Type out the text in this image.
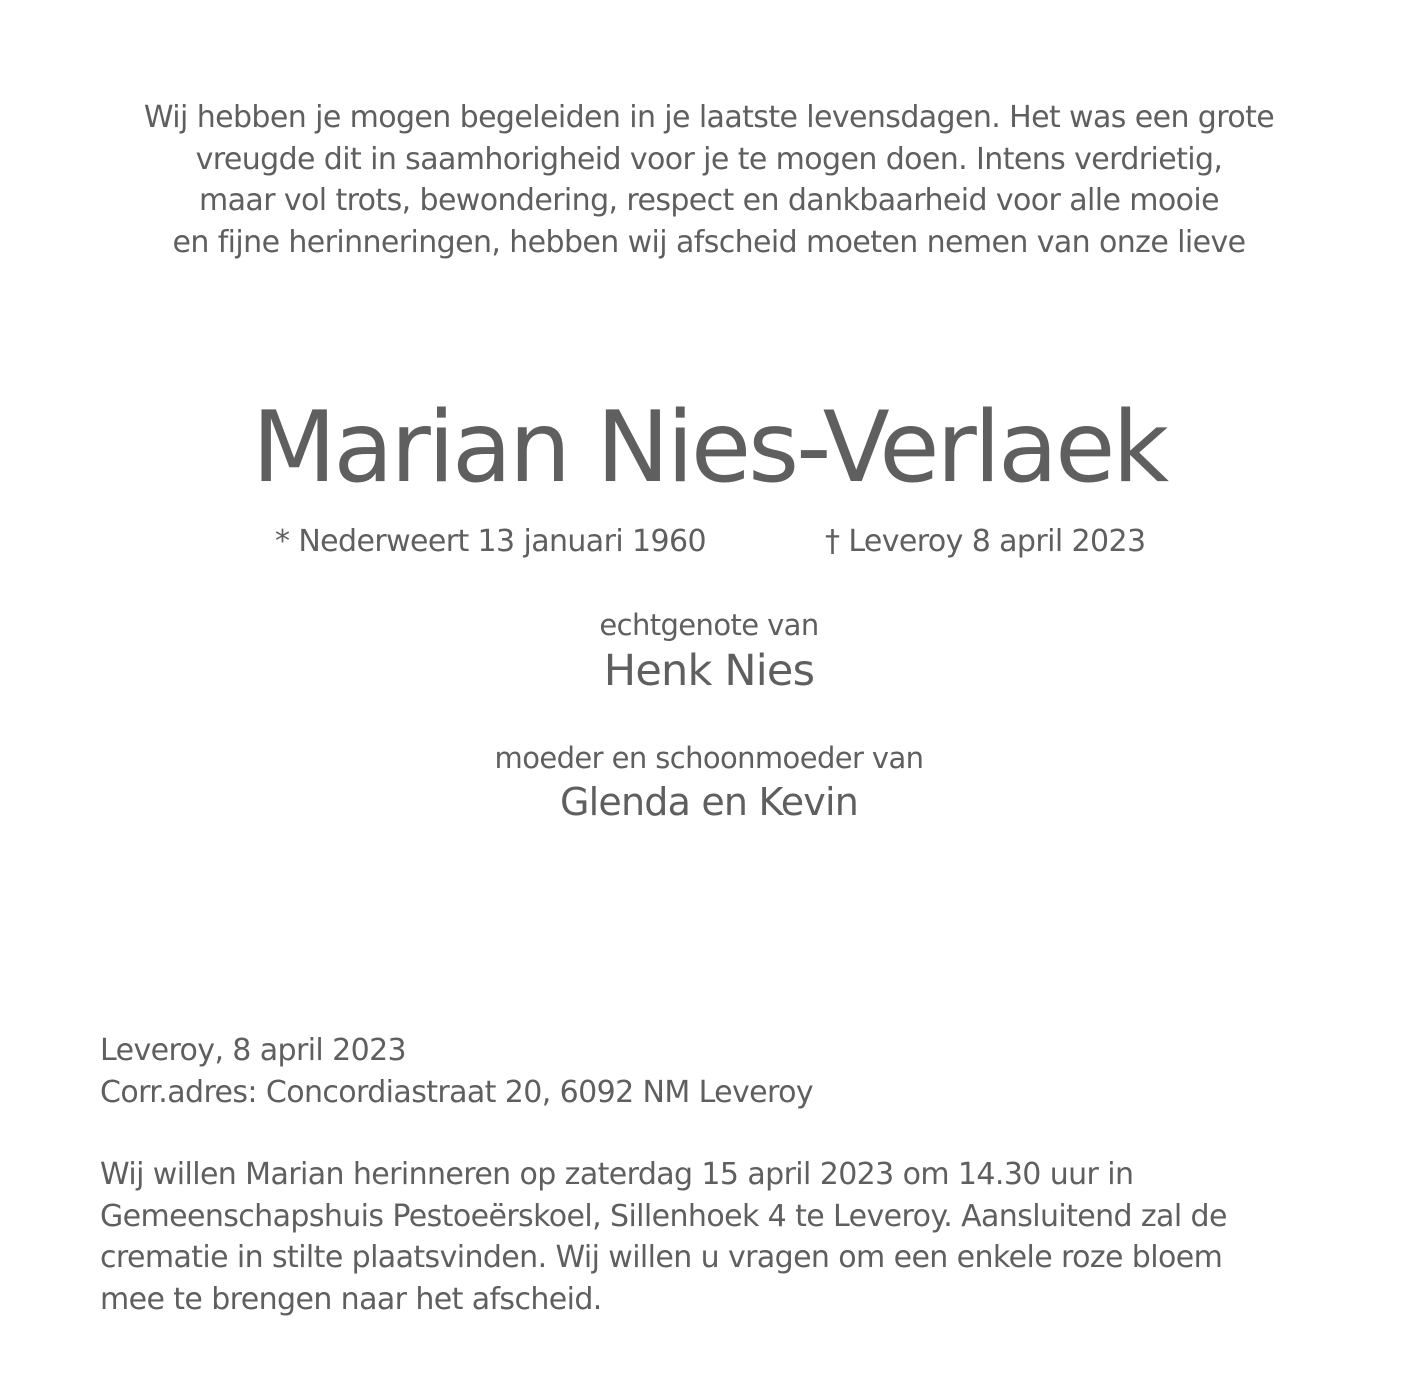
Wij hebben je mogen begeleiden in je laatste levensdagen. Het was een grote
vreugde dit in saamhorigheid voor je te mogen doen. Intens verdrietig,
maar vol trots, bewondering, respect en dankbaarheid voor alle mooie
en fijne herinneringen, hebben wij afscheid moeten nemen van onze lieve
Marian Nies-Verlaek
* Nederweert 13 januari 1960	† Leveroy 8 april 2023
echtgenote van
Henk Nies
moeder en schoonmoeder van
Glenda en Kevin
Leveroy, 8 april 2023
Corr.adres: Concordiastraat 20, 6092 NM Leveroy
Wij willen Marian herinneren op zaterdag 15 april 2023 om 14.30 uur in
Gemeenschapshuis Pestoeërskoel, Sillenhoek 4 te Leveroy. Aansluitend zal de
crematie in stilte plaatsvinden. Wij willen u vragen om een enkele roze bloem
mee te brengen naar het afscheid.
